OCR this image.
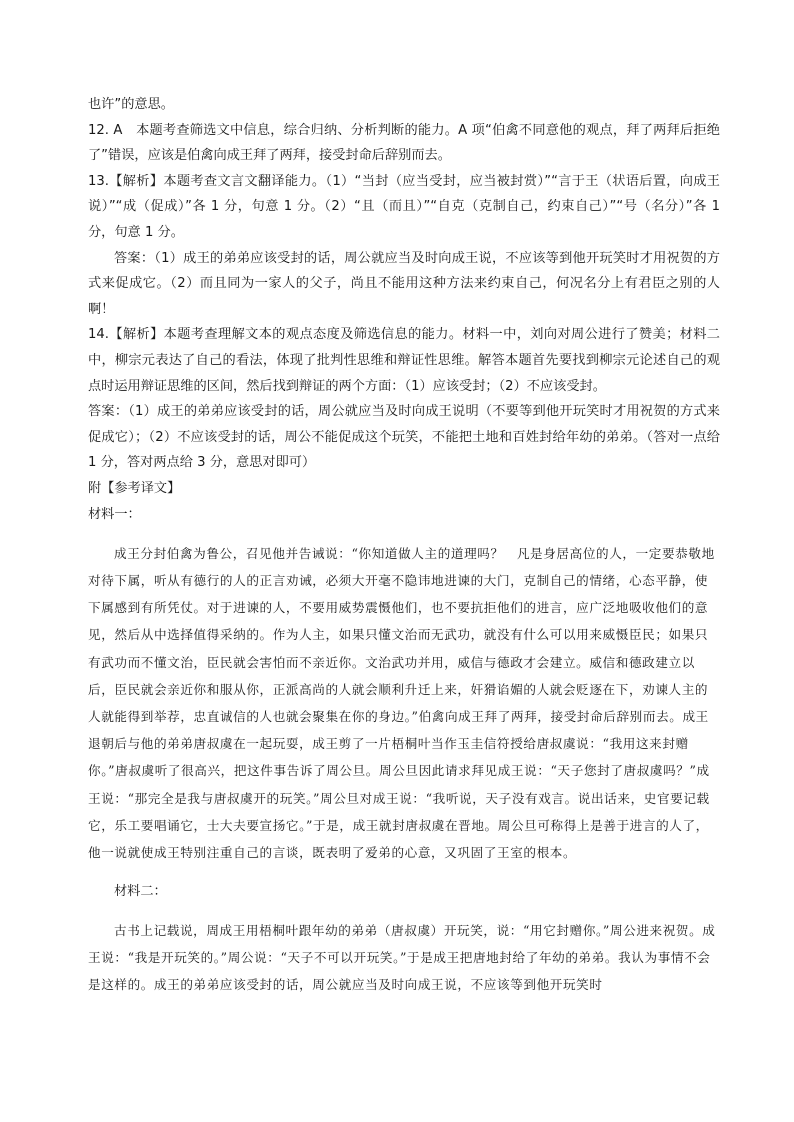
也许”的意思。

12. A　本题考查筛选文中信息，综合归纳、分析判断的能力。A 项“伯禽不同意他的观点，拜了两拜后拒绝了”错误，应该是伯禽向成王拜了两拜，接受封命后辞别而去。

13.【解析】本题考查文言文翻译能力。（1）“当封（应当受封，应当被封赏）”“言于王（状语后置，向成王说）”“成（促成）”各 1 分，句意 1 分。（2）“且（而且）”“自克（克制自己，约束自己）”“号（名分）”各 1 分，句意 1 分。

答案：（1）成王的弟弟应该受封的话，周公就应当及时向成王说，不应该等到他开玩笑时才用祝贺的方式来促成它。（2）而且同为一家人的父子，尚且不能用这种方法来约束自己，何况名分上有君臣之别的人啊！

14.【解析】本题考查理解文本的观点态度及筛选信息的能力。材料一中，刘向对周公进行了赞美；材料二中，柳宗元表达了自己的看法，体现了批判性思维和辩证性思维。解答本题首先要找到柳宗元论述自己的观点时运用辩证思维的区间，然后找到辩证的两个方面：（1）应该受封；（2）不应该受封。

答案：（1）成王的弟弟应该受封的话，周公就应当及时向成王说明（不要等到他开玩笑时才用祝贺的方式来促成它）；（2）不应该受封的话，周公不能促成这个玩笑，不能把土地和百姓封给年幼的弟弟。（答对一点给 1 分，答对两点给 3 分，意思对即可）

附【参考译文】

材料一：

成王分封伯禽为鲁公，召见他并告诫说：“你知道做人主的道理吗？　凡是身居高位的人，一定要恭敬地对待下属，听从有德行的人的正言劝诫，必须大开毫不隐讳地进谏的大门，克制自己的情绪，心态平静，使下属感到有所凭仗。对于进谏的人，不要用威势震慑他们，也不要抗拒他们的进言，应广泛地吸收他们的意见，然后从中选择值得采纳的。作为人主，如果只懂文治而无武功，就没有什么可以用来威慑臣民；如果只有武功而不懂文治，臣民就会害怕而不亲近你。文治武功并用，威信与德政才会建立。威信和德政建立以后，臣民就会亲近你和服从你，正派高尚的人就会顺利升迁上来，奸猾谄媚的人就会贬逐在下，劝谏人主的人就能得到举荐，忠直诚信的人也就会聚集在你的身边。”伯禽向成王拜了两拜，接受封命后辞别而去。成王退朝后与他的弟弟唐叔虞在一起玩耍，成王剪了一片梧桐叶当作玉圭信符授给唐叔虞说：“我用这来封赠你。”唐叔虞听了很高兴，把这件事告诉了周公旦。周公旦因此请求拜见成王说：“天子您封了唐叔虞吗？”成王说：“那完全是我与唐叔虞开的玩笑。”周公旦对成王说：“我听说，天子没有戏言。说出话来，史官要记载它，乐工要唱诵它，士大夫要宣扬它。”于是，成王就封唐叔虞在晋地。周公旦可称得上是善于进言的人了，他一说就使成王特别注重自己的言谈，既表明了爱弟的心意，又巩固了王室的根本。

材料二：

古书上记载说，周成王用梧桐叶跟年幼的弟弟（唐叔虞）开玩笑，说：“用它封赠你。”周公进来祝贺。成王说：“我是开玩笑的。”周公说：“天子不可以开玩笑。”于是成王把唐地封给了年幼的弟弟。我认为事情不会是这样的。成王的弟弟应该受封的话，周公就应当及时向成王说，不应该等到他开玩笑时
